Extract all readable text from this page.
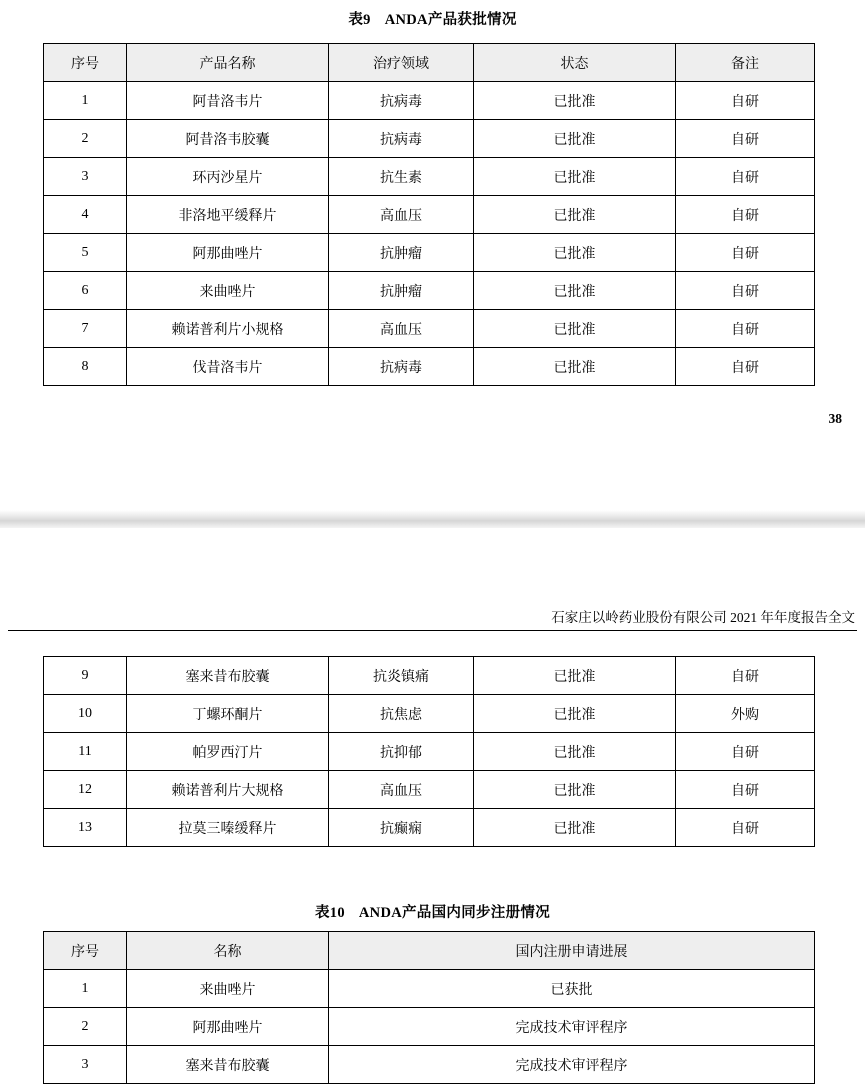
表9 ANDA产品获批情况
序号	产品名称	治疗领域	状态	备注
1	阿昔洛韦片	抗病毒	已批准	自研
2	阿昔洛韦胶囊	抗病毒	已批准	自研
3	环丙沙星片	抗生素	已批准	自研
4	非洛地平缓释片	高血压	已批准	自研
5	阿那曲唑片	抗肿瘤	已批准	自研
6	来曲唑片	抗肿瘤	已批准	自研
7	赖诺普利片小规格	高血压	已批准	自研
8	伐昔洛韦片	抗病毒	已批准	自研
38
石家庄以岭药业股份有限公司 2021 年年度报告全文
9	塞来昔布胶囊	抗炎镇痛	已批准	自研
10	丁螺环酮片	抗焦虑	已批准	外购
11	帕罗西汀片	抗抑郁	已批准	自研
12	赖诺普利片大规格	高血压	已批准	自研
13	拉莫三嗪缓释片	抗癫痫	已批准	自研
表10 ANDA产品国内同步注册情况
序号	名称	国内注册申请进展
1	来曲唑片	已获批
2	阿那曲唑片	完成技术审评程序
3	塞来昔布胶囊	完成技术审评程序
